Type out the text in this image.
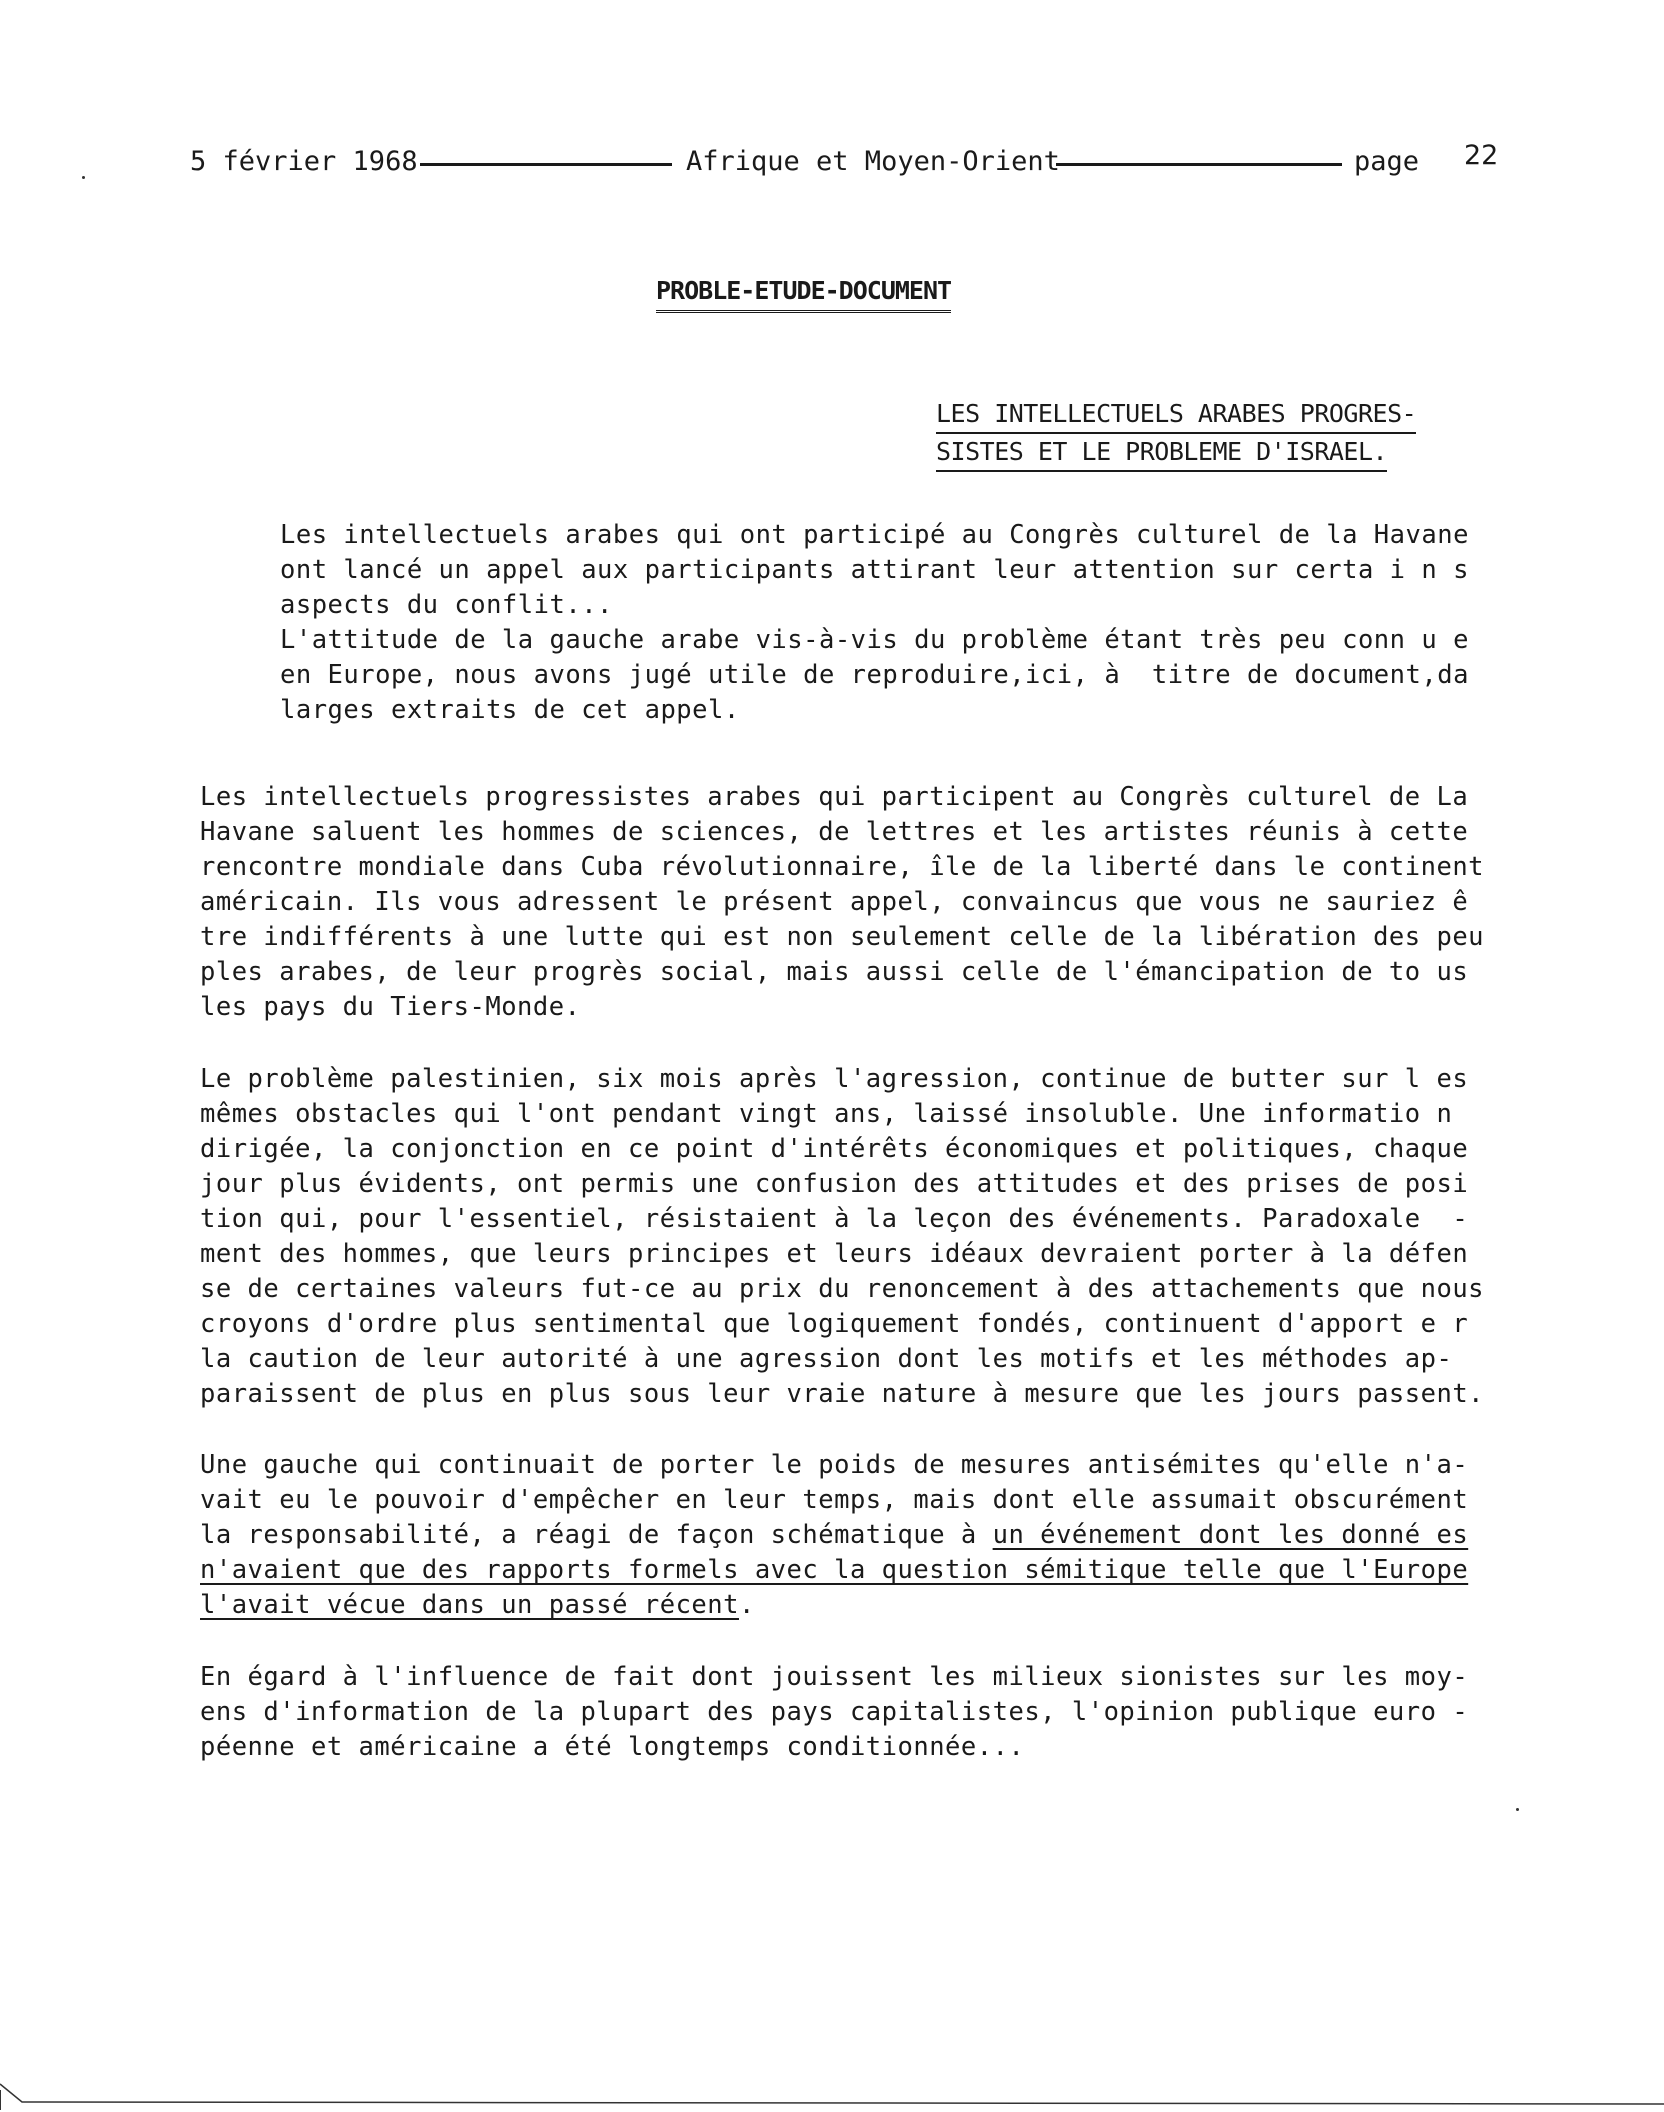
5 février 1968	Afrique et Moyen-Orient	page 22
PROBLE-ETUDE-DOCUMENT
LES INTELLECTUELS ARABES PROGRES-
SISTES ET LE PROBLEME D'ISRAEL.

Les intellectuels arabes qui ont participé au Congrès culturel de la Havane

ont lancé un appel aux participants attirant leur attention sur certa i n s

aspects du conflit...

L'attitude de la gauche arabe vis-à-vis du problème étant très peu conn u e

en Europe, nous avons jugé utile de reproduire,ici, à  titre de document,da

larges extraits de cet appel.

Les intellectuels progressistes arabes qui participent au Congrès culturel de La

Havane saluent les hommes de sciences, de lettres et les artistes réunis à cette

rencontre mondiale dans Cuba révolutionnaire, île de la liberté dans le continent

américain. Ils vous adressent le présent appel, convaincus que vous ne sauriez ê

tre indifférents à une lutte qui est non seulement celle de la libération des peu

ples arabes, de leur progrès social, mais aussi celle de l'émancipation de to us

les pays du Tiers-Monde.

Le problème palestinien, six mois après l'agression, continue de butter sur l es

mêmes obstacles qui l'ont pendant vingt ans, laissé insoluble. Une informatio n

dirigée, la conjonction en ce point d'intérêts économiques et politiques, chaque

jour plus évidents, ont permis une confusion des attitudes et des prises de posi

tion qui, pour l'essentiel, résistaient à la leçon des événements. Paradoxale  -

ment des hommes, que leurs principes et leurs idéaux devraient porter à la défen

se de certaines valeurs fut-ce au prix du renoncement à des attachements que nous

croyons d'ordre plus sentimental que logiquement fondés, continuent d'apport e r

la caution de leur autorité à une agression dont les motifs et les méthodes ap-

paraissent de plus en plus sous leur vraie nature à mesure que les jours passent.

Une gauche qui continuait de porter le poids de mesures antisémites qu'elle n'a-

vait eu le pouvoir d'empêcher en leur temps, mais dont elle assumait obscurément

la responsabilité, a réagi de façon schématique à un événement dont les donné es

n'avaient que des rapports formels avec la question sémitique telle que l'Europe

l'avait vécue dans un passé récent.

En égard à l'influence de fait dont jouissent les milieux sionistes sur les moy-

ens d'information de la plupart des pays capitalistes, l'opinion publique euro -

péenne et américaine a été longtemps conditionnée...
